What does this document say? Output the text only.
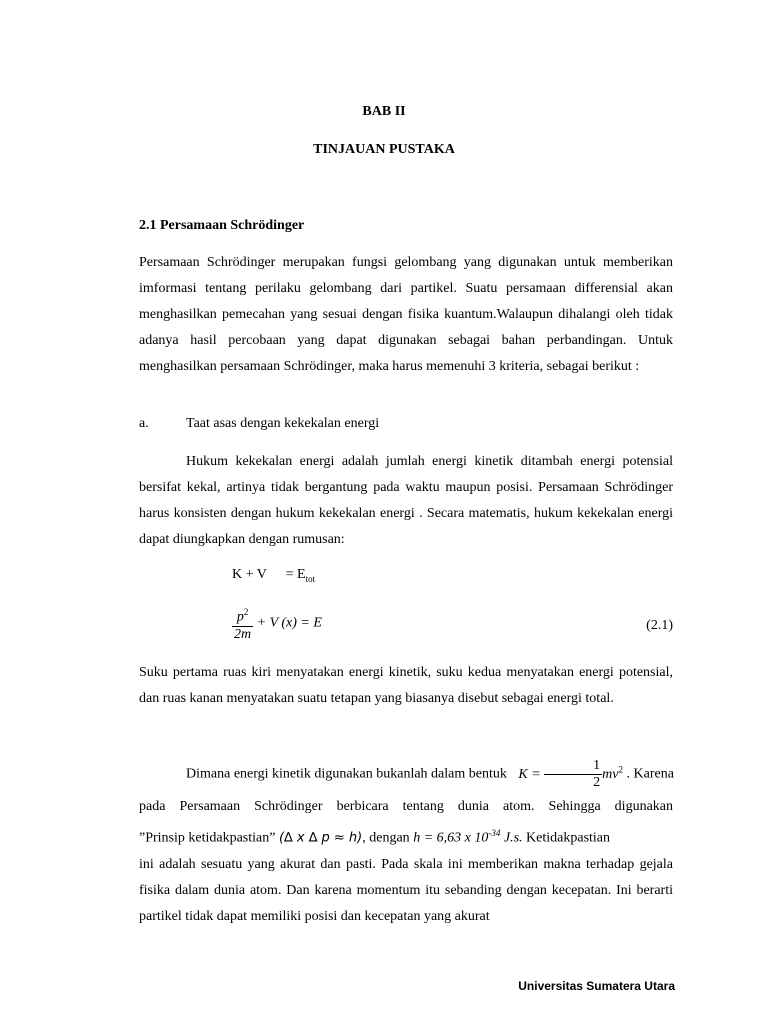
BAB II
TINJAUAN PUSTAKA
2.1 Persamaan Schrödinger

Persamaan Schrödinger merupakan fungsi gelombang yang digunakan untuk memberikan imformasi tentang perilaku gelombang dari partikel. Suatu persamaan differensial akan menghasilkan pemecahan yang sesuai dengan fisika kuantum.Walaupun dihalangi oleh tidak adanya hasil percobaan yang dapat digunakan sebagai bahan perbandingan. Untuk menghasilkan persamaan Schrödinger, maka harus memenuhi 3 kriteria, sebagai berikut :

a.	Taat asas dengan kekekalan energi

Hukum kekekalan energi adalah jumlah energi kinetik ditambah energi potensial bersifat kekal, artinya tidak bergantung pada waktu maupun posisi. Persamaan Schrödinger harus konsisten dengan hukum kekekalan energi . Secara matematis, hukum kekekalan energi dapat diungkapkan dengan rumusan:

$K + V = E_{tot}$
$\frac{p^2}{2m} + V$ (x) = E	(2.1)

Suku pertama ruas kiri menyatakan energi kinetik, suku kedua menyatakan energi potensial, dan ruas kanan menyatakan suatu tetapan yang biasanya disebut sebagai energi total.

Dimana energi kinetik digunakan bukanlah dalam bentuk $K = \frac{1}{2} mv^2$ . Karena

pada Persamaan Schrödinger berbicara tentang dunia atom. Sehingga digunakan

”Prinsip ketidakpastian” (∆ x ∆ p ≈ h), dengan h = 6,63 x $10^{-34}$ J.s. Ketidakpastian

ini adalah sesuatu yang akurat dan pasti. Pada skala ini memberikan makna terhadap gejala fisika dalam dunia atom. Dan karena momentum itu sebanding dengan kecepatan. Ini berarti partikel tidak dapat memiliki posisi dan kecepatan yang akurat

Universitas Sumatera Utara
